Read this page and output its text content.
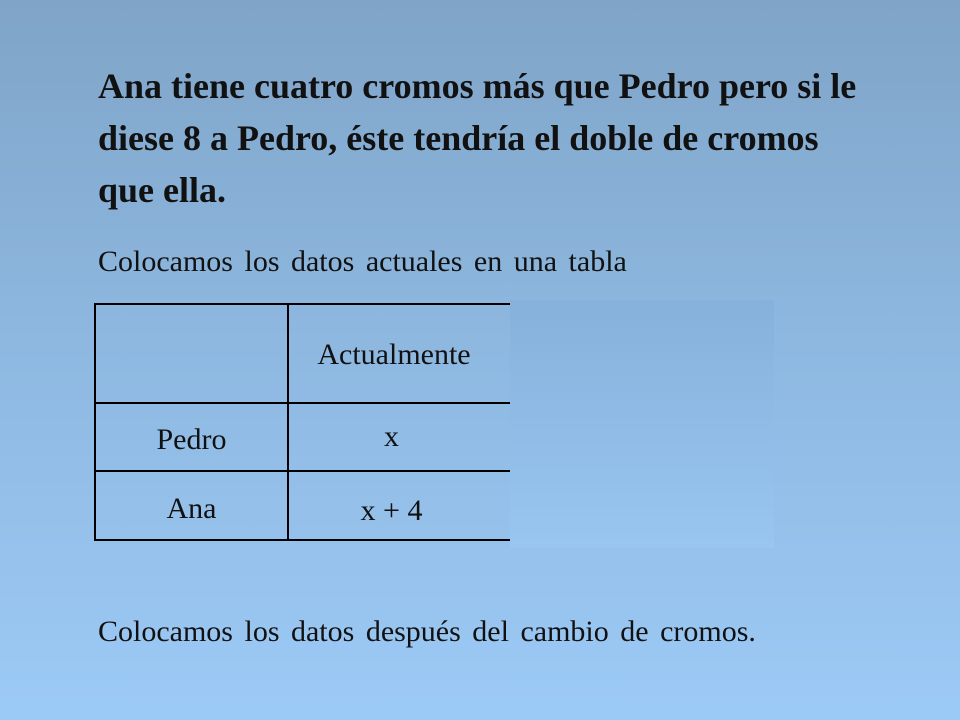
Ana tiene cuatro cromos más que Pedro pero si le diese 8 a Pedro, éste tendría el doble de cromos que ella.

Colocamos los datos actuales en una tabla

Actualmente
Pedro	x
Ana	x + 4

Colocamos los datos después del cambio de cromos.
